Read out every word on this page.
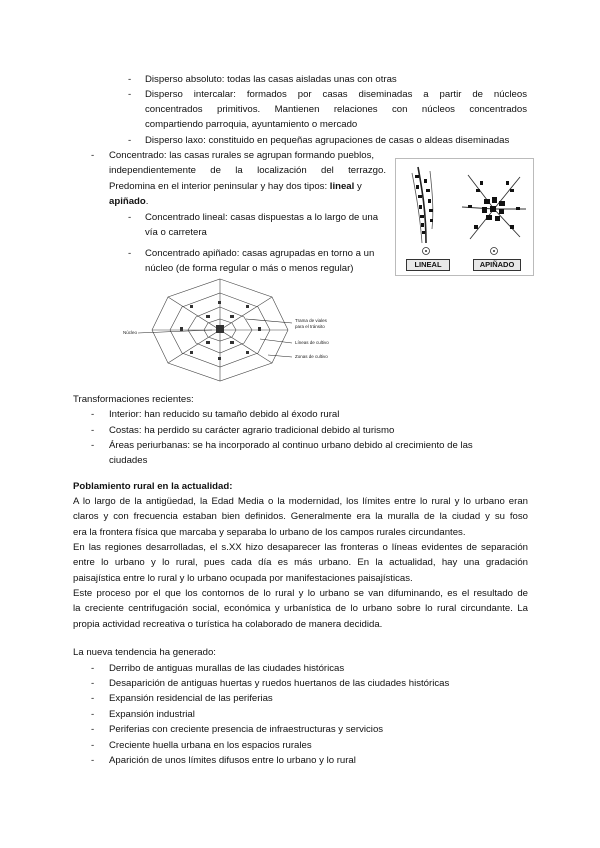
- Disperso absoluto: todas las casas aisladas unas con otras
- Disperso intercalar: formados por casas diseminadas a partir de núcleos
concentrados primitivos. Mantienen relaciones con núcleos concentrados
compartiendo parroquia, ayuntamiento o mercado
- Disperso laxo: constituido en pequeñas agrupaciones de casas o aldeas diseminadas
- Concentrado: las casas rurales se agrupan formando pueblos,
independientemente de la localización del terrazgo.
Predomina en el interior peninsular y hay dos tipos: lineal y
apiñado.
- Concentrado lineal: casas dispuestas a lo largo de una
vía o carretera
- Concentrado apiñado: casas agrupadas en torno a un
núcleo (de forma regular o más o menos regular)	LINEAL	APIÑADO
Núcleo
Trama de viales
para el tránsito
Líneas de cultivo
Zonas de cultivo
Transformaciones recientes:
- Interior: han reducido su tamaño debido al éxodo rural
- Costas: ha perdido su carácter agrario tradicional debido al turismo
- Áreas periurbanas: se ha incorporado al continuo urbano debido al crecimiento de las
ciudades
Poblamiento rural en la actualidad:
A lo largo de la antigüedad, la Edad Media o la modernidad, los límites entre lo rural y lo urbano eran
claros y con frecuencia estaban bien definidos. Generalmente era la muralla de la ciudad y su foso
era la frontera física que marcaba y separaba lo urbano de los campos rurales circundantes.
En las regiones desarrolladas, el s.XX hizo desaparecer las fronteras o líneas evidentes de separación
entre lo urbano y lo rural, pues cada día es más urbano. En la actualidad, hay una gradación
paisajística entre lo rural y lo urbano ocupada por manifestaciones paisajísticas.
Este proceso por el que los contornos de lo rural y lo urbano se van difuminando, es el resultado de
la creciente centrifugación social, económica y urbanística de lo urbano sobre lo rural circundante. La
propia actividad recreativa o turística ha colaborado de manera decidida.
La nueva tendencia ha generado:
- Derribo de antiguas murallas de las ciudades históricas
- Desaparición de antiguas huertas y ruedos huertanos de las ciudades históricas
- Expansión residencial de las periferias
- Expansión industrial
- Periferias con creciente presencia de infraestructuras y servicios
- Creciente huella urbana en los espacios rurales
- Aparición de unos límites difusos entre lo urbano y lo rural
